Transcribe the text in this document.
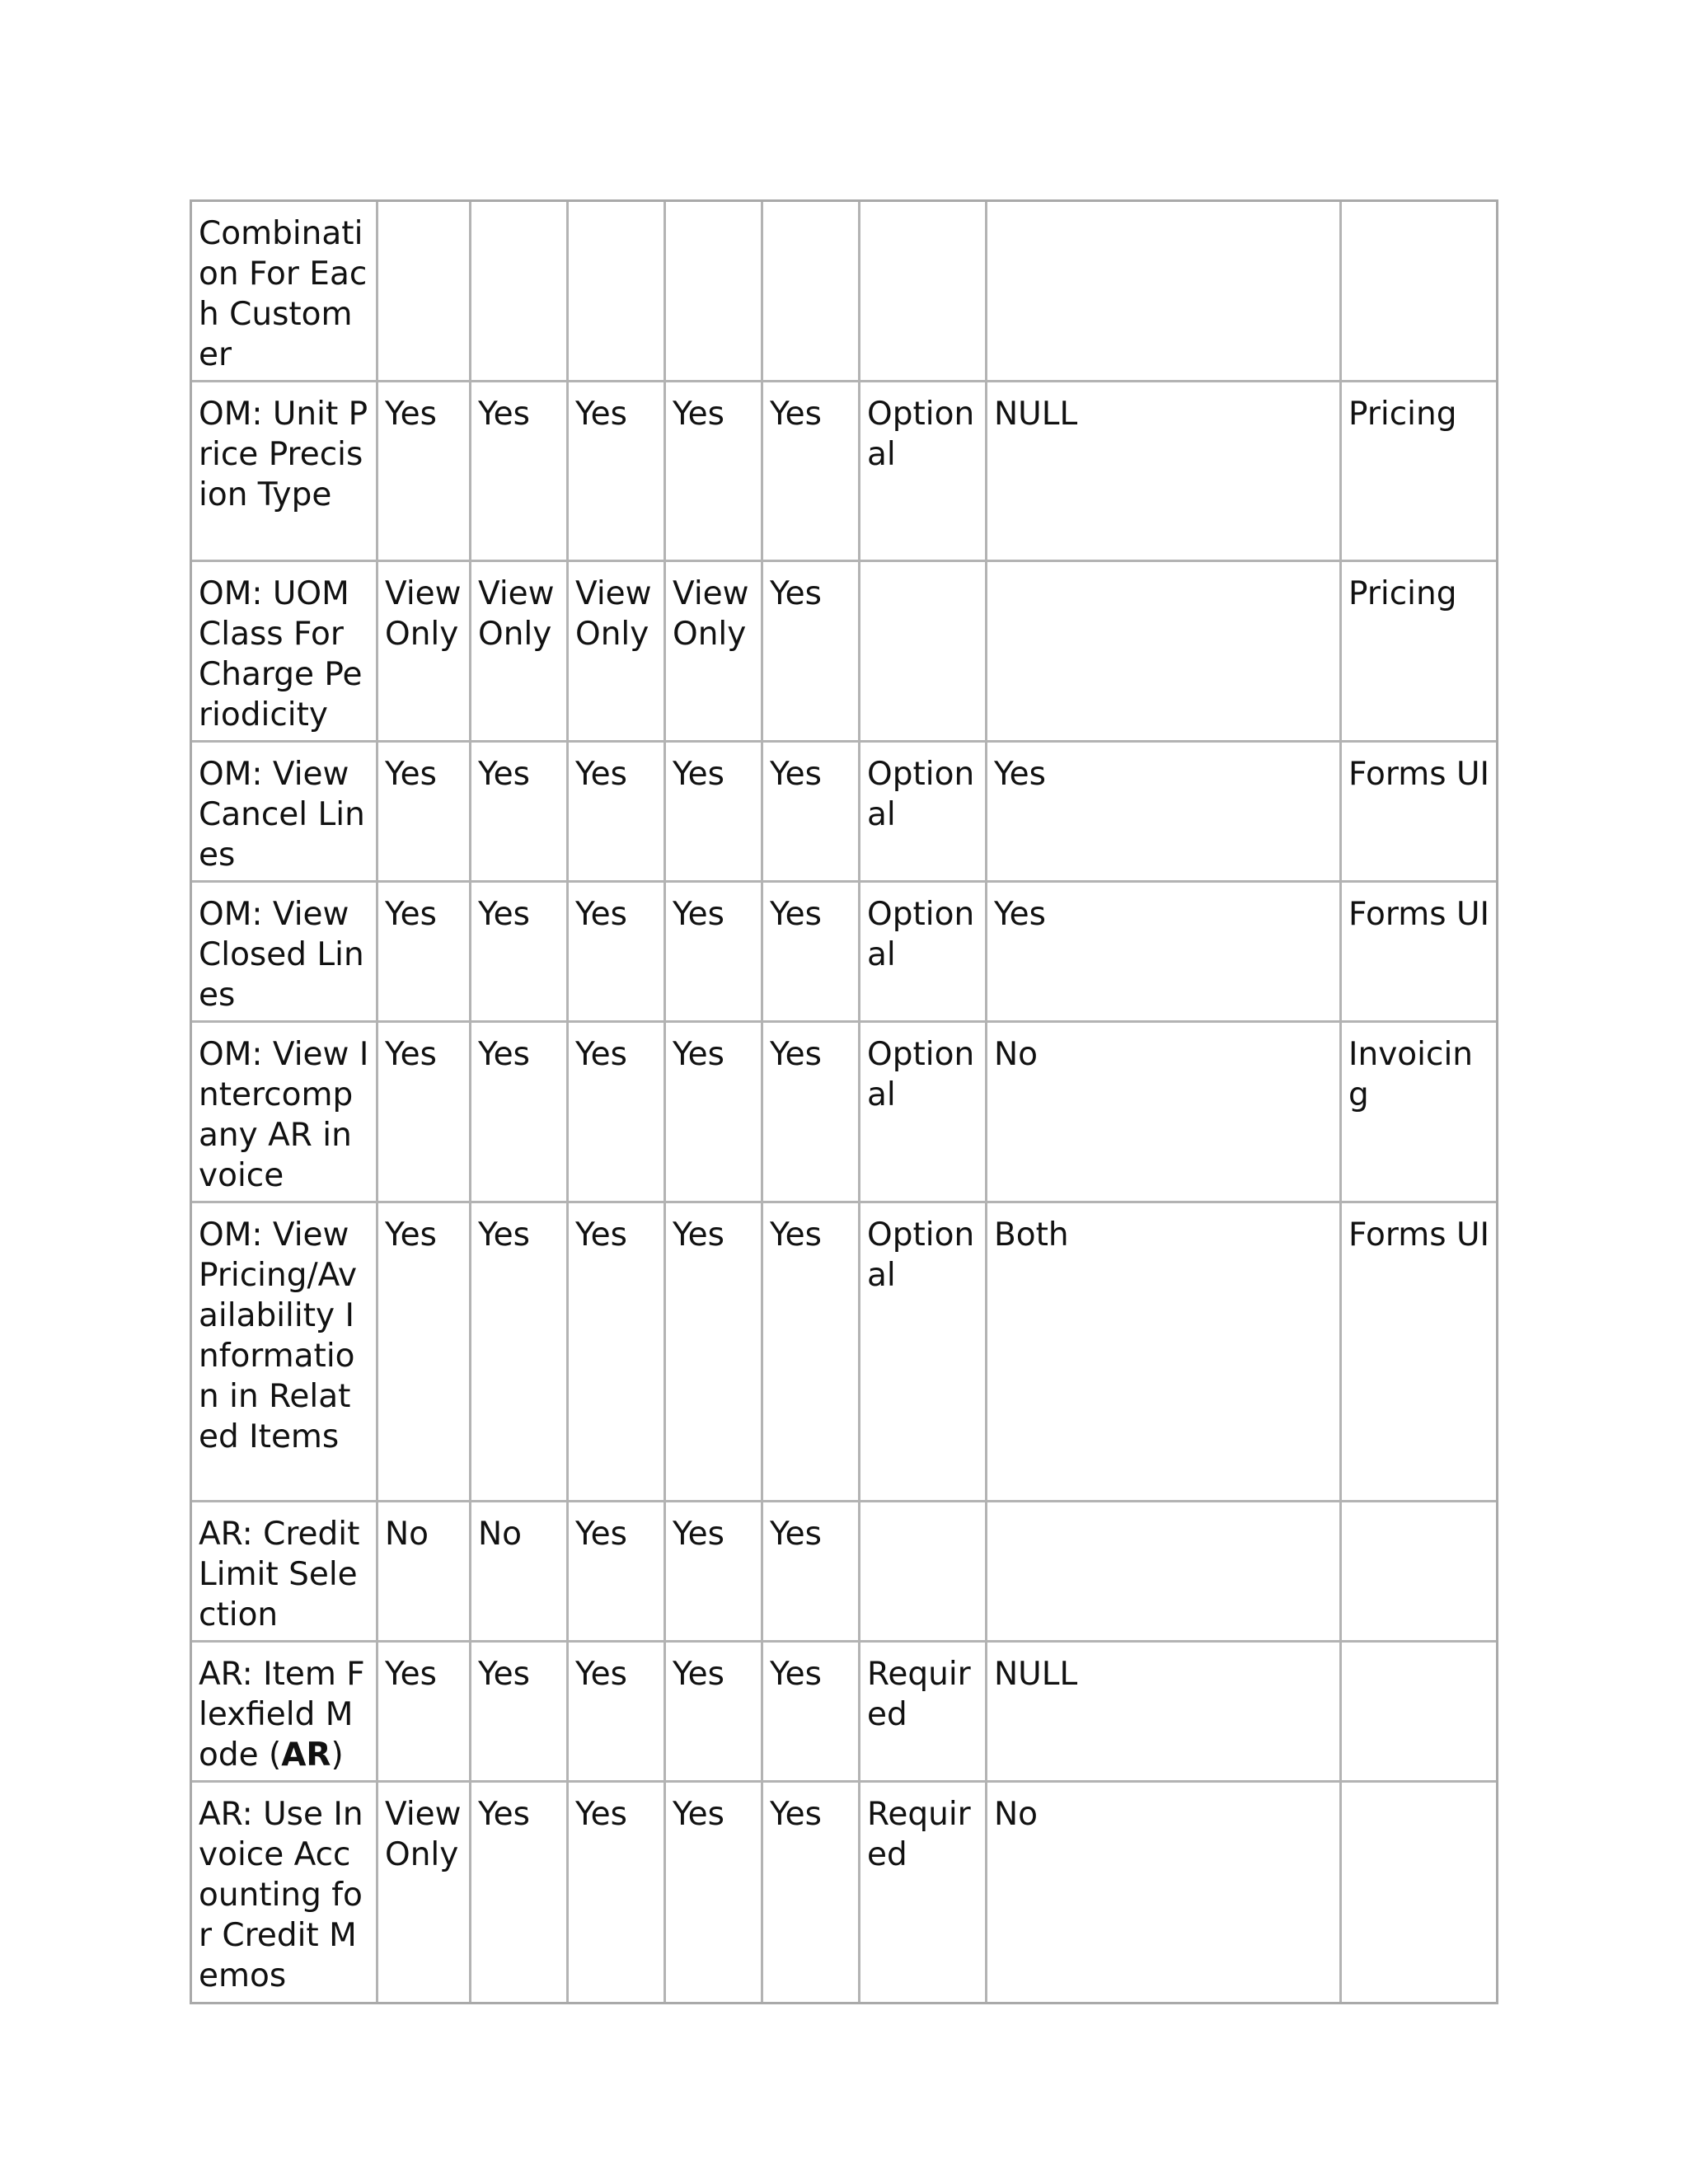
Combination For Each Customer								
OM: Unit Price Precision Type	Yes	Yes	Yes	Yes	Yes	Optional	NULL	Pricing
OM: UOM Class For Charge Periodicity	View Only	View Only	View Only	View Only	Yes			Pricing
OM: View Cancel Lines	Yes	Yes	Yes	Yes	Yes	Optional	Yes	Forms UI
OM: View Closed Lines	Yes	Yes	Yes	Yes	Yes	Optional	Yes	Forms UI
OM: View Intercompany AR invoice	Yes	Yes	Yes	Yes	Yes	Optional	No	Invoicing
OM: View Pricing/Availability Information in Related Items	Yes	Yes	Yes	Yes	Yes	Optional	Both	Forms UI
AR: Credit Limit Selection	No	No	Yes	Yes	Yes			
AR: Item Flexfield Mode (AR)	Yes	Yes	Yes	Yes	Yes	Required	NULL	
AR: Use Invoice Accounting for Credit Memos	View Only	Yes	Yes	Yes	Yes	Required	No	
